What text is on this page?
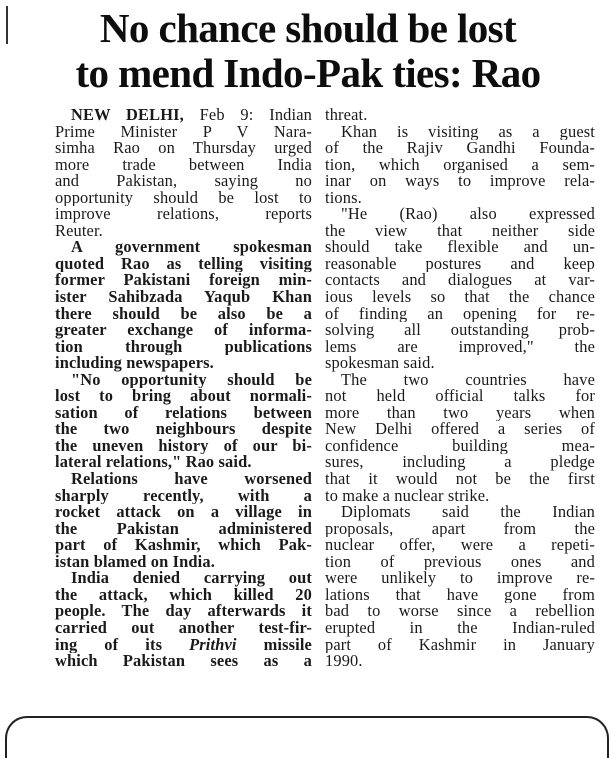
No chance should be lost
to mend Indo-Pak ties: Rao
NEW DELHI, Feb 9: Indian
Prime Minister P V Nara-
simha Rao on Thursday urged
more trade between India
and Pakistan, saying no
opportunity should be lost to
improve relations, reports
Reuter.
A government spokesman
quoted Rao as telling visiting
former Pakistani foreign min-
ister Sahibzada Yaqub Khan
there should be also be a
greater exchange of informa-
tion through publications
including newspapers.
"No opportunity should be
lost to bring about normali-
sation of relations between
the two neighbours despite
the uneven history of our bi-
lateral relations," Rao said.
Relations have worsened
sharply recently, with a
rocket attack on a village in
the Pakistan administered
part of Kashmir, which Pak-
istan blamed on India.
India denied carrying out
the attack, which killed 20
people. The day afterwards it
carried out another test-fir-
ing of its Prithvi missile
which Pakistan sees as a
threat.
Khan is visiting as a guest
of the Rajiv Gandhi Founda-
tion, which organised a sem-
inar on ways to improve rela-
tions.
"He (Rao) also expressed
the view that neither side
should take flexible and un-
reasonable postures and keep
contacts and dialogues at var-
ious levels so that the chance
of finding an opening for re-
solving all outstanding prob-
lems are improved," the
spokesman said.
The two countries have
not held official talks for
more than two years when
New Delhi offered a series of
confidence building mea-
sures, including a pledge
that it would not be the first
to make a nuclear strike.
Diplomats said the Indian
proposals, apart from the
nuclear offer, were a repeti-
tion of previous ones and
were unlikely to improve re-
lations that have gone from
bad to worse since a rebellion
erupted in the Indian-ruled
part of Kashmir in January
1990.
